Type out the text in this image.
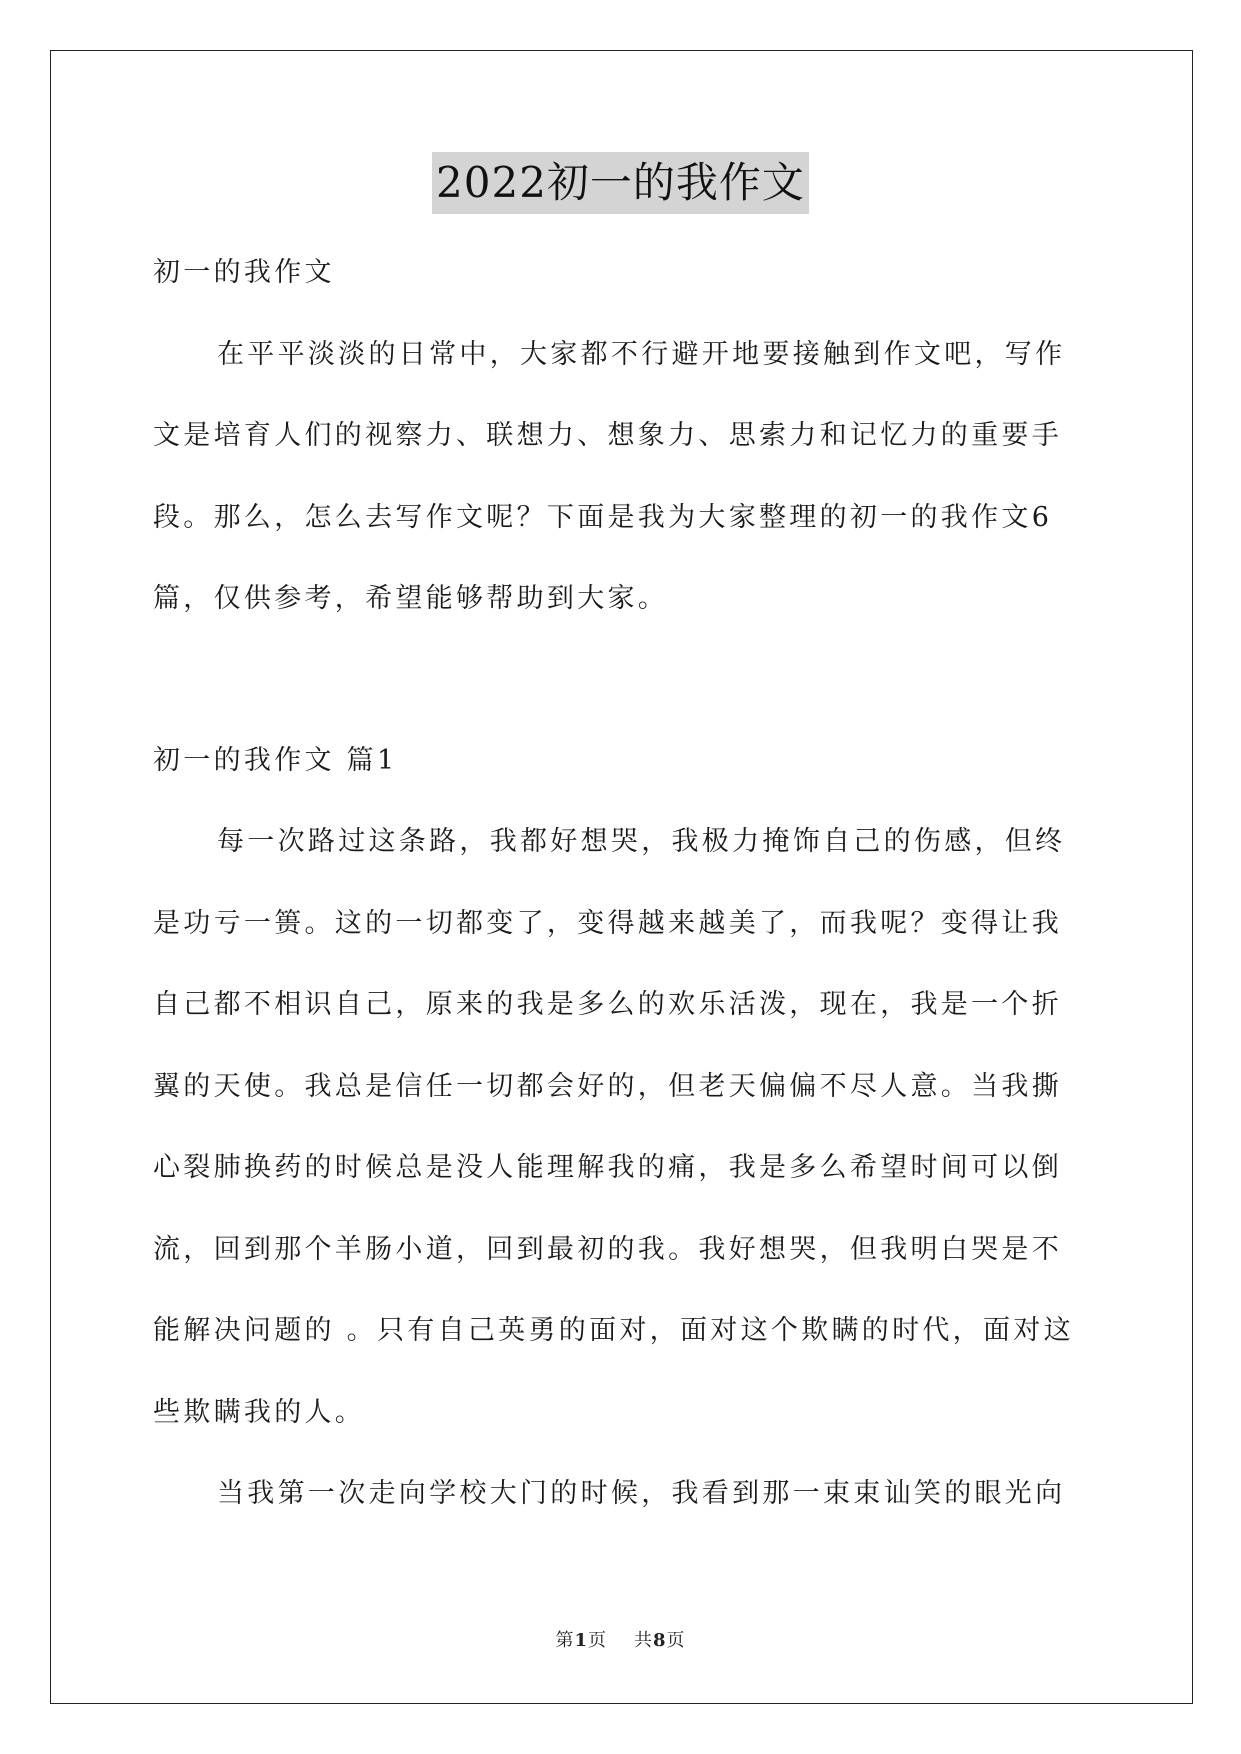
2022初一的我作文

初一的我作文

在平平淡淡的日常中，大家都不行避开地要接触到作文吧，写作文是培育人们的视察力、联想力、想象力、思索力和记忆力的重要手段。那么，怎么去写作文呢？下面是我为大家整理的初一的我作文6篇，仅供参考，希望能够帮助到大家。

初一的我作文 篇1

每一次路过这条路，我都好想哭，我极力掩饰自己的伤感，但终是功亏一篑。这的一切都变了，变得越来越美了，而我呢？变得让我自己都不相识自己，原来的我是多么的欢乐活泼，现在，我是一个折翼的天使。我总是信任一切都会好的，但老天偏偏不尽人意。当我撕心裂肺换药的时候总是没人能理解我的痛，我是多么希望时间可以倒流，回到那个羊肠小道，回到最初的我。我好想哭，但我明白哭是不能解决问题的 。只有自己英勇的面对，面对这个欺瞒的时代，面对这些欺瞒我的人。

当我第一次走向学校大门的时候，我看到那一束束讪笑的眼光向

第1页 共8页
